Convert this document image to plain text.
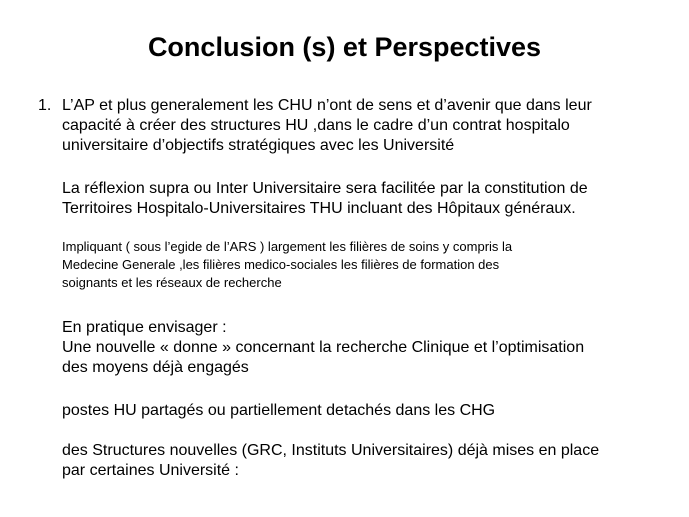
Conclusion (s) et Perspectives
1. L’AP et plus generalement les CHU n’ont de sens et d’avenir que dans leur
capacité à créer des structures HU ,dans le cadre d’un contrat hospitalo
universitaire d’objectifs stratégiques avec les Université
La réflexion supra ou Inter Universitaire sera facilitée par la constitution de
Territoires Hospitalo-Universitaires THU incluant des Hôpitaux généraux.
Impliquant ( sous l’egide de l’ARS ) largement les filières de soins y compris la
Medecine Generale ,les filières medico-sociales les filières de formation des
soignants et les réseaux de recherche
En pratique envisager :
Une nouvelle « donne » concernant la recherche Clinique et l’optimisation
des moyens déjà engagés
postes HU partagés ou partiellement detachés dans les CHG
des Structures nouvelles (GRC, Instituts Universitaires) déjà mises en place
par certaines Université :
